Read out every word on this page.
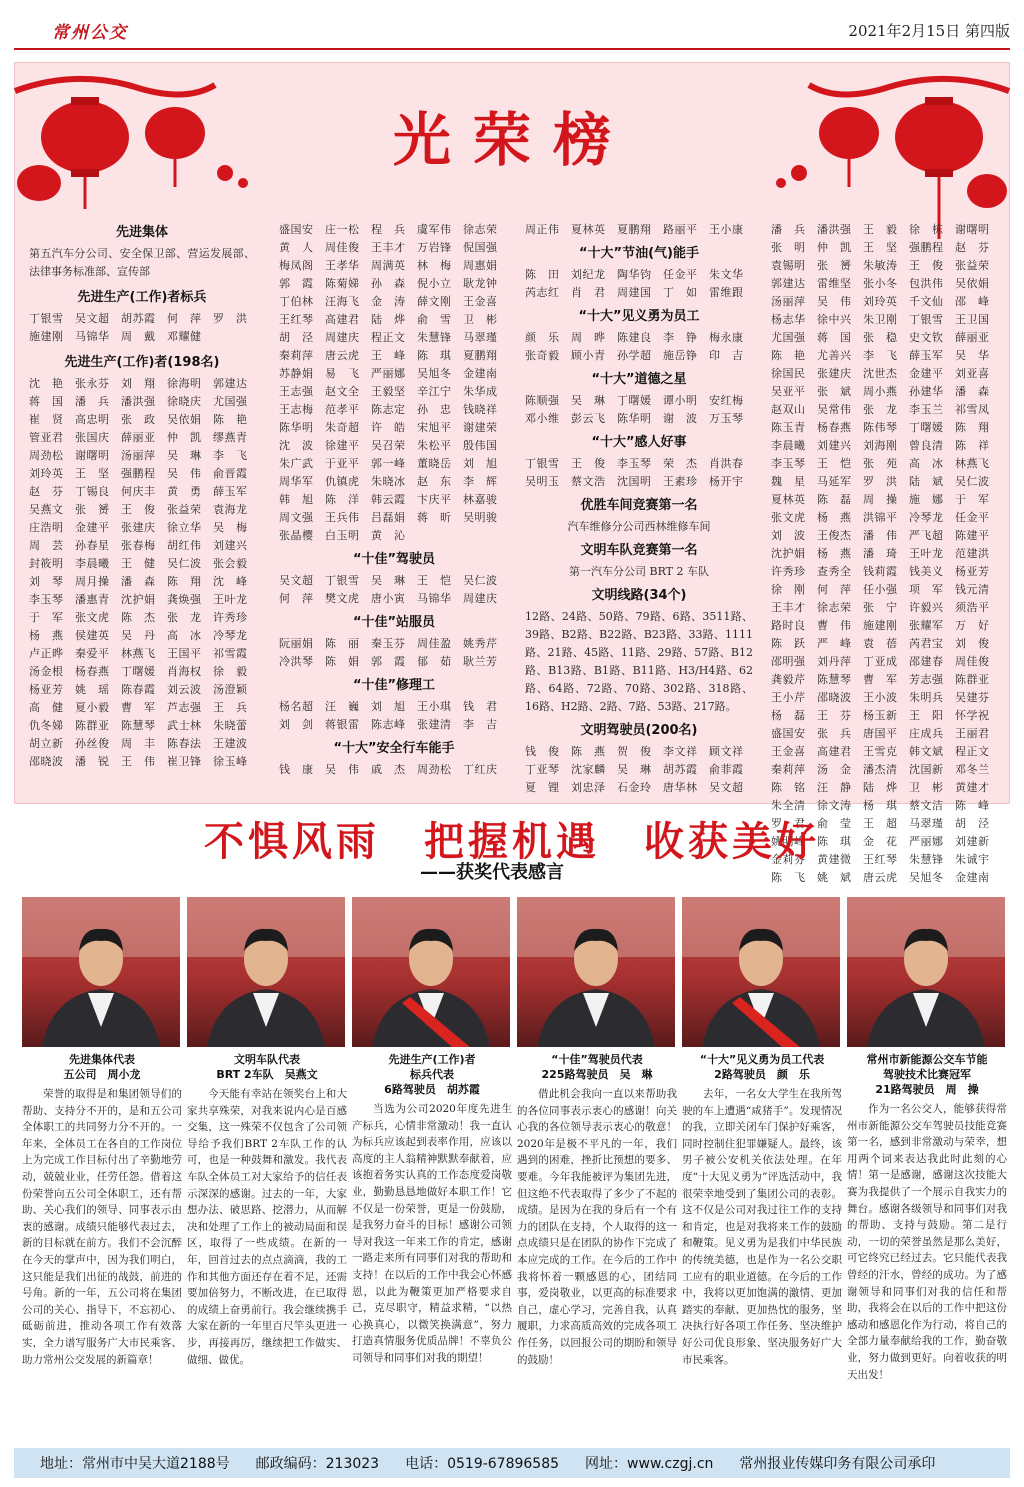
常州公交	2021年2月15日 第四版
光荣榜
先进集体
第五汽车分公司、安全保卫部、营运发展部、法律事务标准部、宣传部
先进生产(工作)者标兵
丁银雪　吴文超　胡苏霞　何　萍　罗　洪
施建刚　马锦华　周　戴　邓耀健
先进生产(工作)者(198名)
沈　艳　张永芬　刘　翔　徐海明　郭建达
蒋　国　潘　兵　潘洪强　徐晓庆　尤国强
崔　贤　高忠明　张　政　吴依娟　陈　艳
管亚君　张国庆　薛丽亚　仲　凯　缪燕青
周劲松　谢曙明　汤丽萍　吴　琳　李　飞
刘玲英　王　坚　强鹏程　吴　伟　俞晋霞
赵　芬　丁锡良　何庆丰　黄　勇　薛玉军
吴燕文　张　赟　王　俊　张益荣　袁海龙
庄浩明　金建平　张建庆　徐立华　吴　梅
周　芸　孙春星　张春梅　胡红伟　刘建兴
封筱明　李晨曦　王　健　吴仁波　张会毅
刘　琴　周月操　潘　森　陈　翔　沈　峰
李玉琴　潘惠青　沈护娟　龚焕强　王叶龙
于　军　张文虎　陈　杰　张　龙　许秀珍
杨　燕　侯建英　吴　丹　高　冰　冷琴龙
卢正晔　秦爱平　林燕飞　王国平　祁雪霞
汤金根　杨春燕　丁曙媛　肖海权　徐　毅
杨亚芳　姚　瑶　陈春霞　刘云波　汤澄颖
高　健　夏小毅　曹　军　芦志强　王　兵
仇冬娣　陈群亚　陈慧琴　武士林　朱晓蕾
胡立新　孙丝俊　周　丰　陈春法　王建波
邵晓波　潘　锐　王　伟　崔卫锋　徐玉峰
盛国安　庄一松　程　兵　虞军伟　徐志荣
黄　人　周佳俊　王丰才　万岩锋　倪国强
梅凤阁　王孝华　周满英　林　梅　周惠娟
郭　霞　陈菊娣　孙　森　倪小立　耿龙钟
丁伯林　汪海飞　金　涛　薛文刚　王金喜
王红琴　高建君　陆　烨　俞　雪　卫　彬
胡　泾　周建庆　程正文　朱慧锋　马翠瑾
秦莉萍　唐云虎　王　峰　陈　琪　夏鹏翔
苏静娟　易　飞　严丽娜　吴旭冬　金建南
王志强　赵文全　王毅坚　辛江宁　朱华成
王志梅　范孝平　陈志定　孙　忠　钱晓祥
陈华明　朱奇超　许　皓　宋旭平　谢建荣
沈　波　徐建平　吴召荣　朱松平　殷伟国
朱广武　于亚平　郭一峰　董晓岳　刘　旭
周华军　仇镇虎　朱晓冰　赵　东　李　辉
韩　旭　陈　洋　韩云霞　卞庆平　林嘉骏
周文强　王兵伟　吕磊娟　蒋　昕　吴明骏
张晶樱　白玉明　黄　沁
“十佳”驾驶员
吴文超　丁银雪　吴　琳　王　恺　吴仁波
何　萍　樊文虎　唐小寅　马锦华　周建庆
“十佳”站服员
阮丽娟　陈　丽　秦玉芬　周佳盈　姚秀芹
冷洪琴　陈　娟　郭　霞　郁　茹　耿兰芳
“十佳”修理工
杨名超　汪　巍　刘　旭　王小琪　钱　君
刘　剑　蒋银雷　陈志峰　张建清　李　吉
“十大”安全行车能手
钱　康　吴　伟　戚　杰　周劲松　丁红庆
周正伟　夏林英　夏鹏翔　路丽平　王小康
“十大”节油(气)能手
陈　田　刘纪龙　陶华钧　任金平　朱文华
芮志红　肖　君　周建国　丁　如　雷维跟
“十大”见义勇为员工
颜　乐　周　晔　陈建良　李　铮　梅永康
张奇毅　顾小青　孙学超　施岳铮　印　吉
“十大”道德之星
陈顺强　吴　琳　丁曙媛　谭小明　安红梅
邓小维　彭云飞　陈华明　谢　波　万玉琴
“十大”感人好事
丁银雪　王　俊　李玉琴　荣　杰　肖洪春
吴明玉　蔡文浩　沈国明　王素珍　杨开宇
优胜车间竞赛第一名
汽车维修分公司西林维修车间
文明车队竞赛第一名
第一汽车分公司 BRT 2 车队
文明线路(34个)
12路、24路、50路、79路、6路、3511路、39路、B2路、B22路、B23路、33路、1111路、21路、45路、11路、29路、57路、B12路、B13路、B1路、B11路、H3/H4路、62路、64路、72路、70路、302路、318路、16路、H2路、2路、7路、53路、217路。
文明驾驶员(200名)
钱　俊　陈　燕　贺　俊　李文祥　顾文祥
丁亚琴　沈家麟　吴　琳　胡苏霞　俞菲霞
夏　锂　刘忠泽　石金玲　唐华林　吴文超
潘　兵　潘洪强　王　毅　徐　栋　谢曙明
张　明　仲　凯　王　坚　强鹏程　赵　芬
袁锡明　张　赟　朱敏涛　王　俊　张益荣
郭建达　雷维坚　张小冬　包洪伟　吴依娟
汤丽萍　吴　伟　刘玲英　千文仙　邵　峰
杨志华　徐中兴　朱卫刚　丁银雪　王卫国
尤国强　蒋　国　张　稳　史文钦　薛丽亚
陈　艳　尤善兴　李　飞　薛玉军　吴　华
徐国民　张建庆　沈世杰　金建平　刘亚喜
吴亚平　张　斌　周小燕　孙建华　潘　森
赵双山　吴常伟　张　龙　李玉兰　祁雪凤
陈玉青　杨春燕　陈伟琴　丁曙媛　陈　翔
李晨曦　刘建兴　刘海刚　曾良清　陈　祥
李玉琴　王　恺　张　苑　高　冰　林燕飞
魏　星　马延军　罗　洪　陆　斌　吴仁波
夏林英　陈　磊　周　操　施　娜　于　军
张文虎　杨　燕　洪锦平　冷琴龙　任金平
刘　波　王俊杰　潘　伟　严飞超　陈建平
沈护娟　杨　燕　潘　琦　王叶龙　范建洪
许秀珍　查秀全　钱莉霞　钱美义　杨亚芳
徐　刚　何　萍　任小强　项　军　钱元清
王丰才　徐志荣　张　宁　许毅兴　须浩平
路时良　曹　伟　施建刚　张耀军　万　好
陈　跃　严　峰　袁　蓓　芮君宝　刘　俊
邵明强　刘丹萍　丁亚成　邵建春　周佳俊
龚毅芹　陈慧琴　曹　军　芳志强　陈群亚
王小芹　邵晓波　王小波　朱明兵　吴建芬
杨　磊　王　芬　杨玉新　王　阳　怀学祝
盛国安　张　兵　唐国平　庄成兵　王丽君
王金喜　高建君　王雪克　韩文斌　程正文
秦莉萍　汤　金　潘杰清　沈国新　邓冬兰
陈　铭　汪　静　陆　烨　卫　彬　黄建才
朱全清　徐文涛　杨　琪　蔡文洁　陈　峰
罗　君　俞　莹　王　超　马翠瑾　胡　泾
姚明峰　陈　琪　金　花　严丽娜　刘建新
金莉芬　黄建微　王红琴　朱慧锋　朱诚宇
陈　飞　姚　斌　唐云虎　吴旭冬　金建南
不惧风雨　把握机遇　收获美好
——获奖代表感言
先进集体代表
五公司　周小龙
荣誉的取得是和集团领导们的帮助、支持分不开的，是和五公司全体职工的共同努力分不开的。一年来，全体员工在各自的工作岗位上为完成工作目标付出了辛勤地劳动，兢兢业业，任劳任怨。借着这份荣誉向五公司全体职工，还有帮助、关心我们的领导、同事表示由衷的感谢。成绩只能够代表过去，新的目标就在前方。我们不会沉醉在今天的掌声中，因为我们明白，这只能是我们出征的战鼓，前进的号角。新的一年，五公司将在集团公司的关心、指导下，不忘初心、砥砺前进，推动各项工作有效落实，全力谱写服务广大市民乘客、助力常州公交发展的新篇章！
文明车队代表
BRT 2车队　吴燕文
今天能有幸站在领奖台上和大家共享殊荣，对我来说内心是百感交集，这一殊荣不仅包含了公司领导给予我们BRT 2车队工作的认可，也是一种鼓舞和激发。我代表车队全体员工对大家给予的信任表示深深的感谢。过去的一年，大家想办法、破思路、挖潜力，从而解决和处理了工作上的被动局面和误区，取得了一些成绩。在新的一年，回首过去的点点滴滴，我的工作和其他方面还存在着不足，还需要加倍努力，不断改进，在已取得的成绩上奋勇前行。我会继续携手大家在新的一年里百尺竿头更进一步，再接再厉，继续把工作做实、做细、做优。
先进生产(工作)者
标兵代表
6路驾驶员　胡苏霞
当选为公司2020年度先进生产标兵，心情非常激动！我一直认为标兵应该起到表率作用，应该以高度的主人翁精神默默奉献着，应该抱着务实认真的工作态度爱岗敬业，勤勤恳恳地做好本职工作！它不仅是一份荣誉，更是一份鼓励，是我努力奋斗的目标！感谢公司领导对我这一年来工作的肯定，感谢一路走来所有同事们对我的帮助和支持！在以后的工作中我会心怀感恩，以此为鞭策更加严格要求自己，克尽职守，精益求精，“以热心换真心，以微笑换满意”，努力打造真情服务优质品牌！不辜负公司领导和同事们对我的期望！
“十佳”驾驶员代表
225路驾驶员　吴　琳
借此机会我向一直以来帮助我的各位同事表示衷心的感谢！向关心我的各位领导表示衷心的敬意！2020年是极不平凡的一年，我们遇到的困难，挫折比预想的要多、要难。今年我能被评为集团先进，但这绝不代表取得了多少了不起的成绩。是因为在我的身后有一个有力的团队在支持，个人取得的这一点成绩只是在团队的协作下完成了本应完成的工作。在今后的工作中我将怀着一颗感恩的心，团结同事，爱岗敬业，以更高的标准要求自己，虚心学习，完善自我，认真履职，力求高质高效的完成各项工作任务，以回报公司的期盼和领导的鼓励！
“十大”见义勇为员工代表
2路驾驶员　颜　乐
去年，一名女大学生在我所驾驶的车上遭遇“咸猪手”。发现情况的我，立即关闭车门保护好乘客，同时控制住犯罪嫌疑人。最终，该男子被公安机关依法处理。在年度“十大见义勇为”评选活动中，我很荣幸地受到了集团公司的表彰。这不仅是公司对我过往工作的支持和肯定，也是对我将来工作的鼓励和鞭策。见义勇为是我们中华民族的传统美德，也是作为一名公交职工应有的职业道德。在今后的工作中，我将以更加饱满的激情、更加踏实的奉献、更加热忱的服务，坚决执行好各项工作任务、坚决维护好公司优良形象、坚决服务好广大市民乘客。
常州市新能源公交车节能
驾驶技术比赛冠军
21路驾驶员　周　操
作为一名公交人，能够获得常州市新能源公交车驾驶员技能竞赛第一名，感到非常激动与荣幸，想用两个词来表达我此时此刻的心情！第一是感谢，感谢这次技能大赛为我提供了一个展示自我实力的舞台。感谢各级领导和同事们对我的帮助、支持与鼓励。第二是行动，一切的荣誉虽然是那么美好，可它终究已经过去。它只能代表我曾经的汗水，曾经的成功。为了感谢领导和同事们对我的信任和帮助，我将会在以后的工作中把这份感动和感恩化作为行动，将自己的全部力量奉献给我的工作，勤奋敬业，努力做到更好。向着收获的明天出发！
地址：常州市中吴大道2188号 邮政编码：213023 电话：0519-67896585 网址：www.czgj.cn 常州报业传媒印务有限公司承印
